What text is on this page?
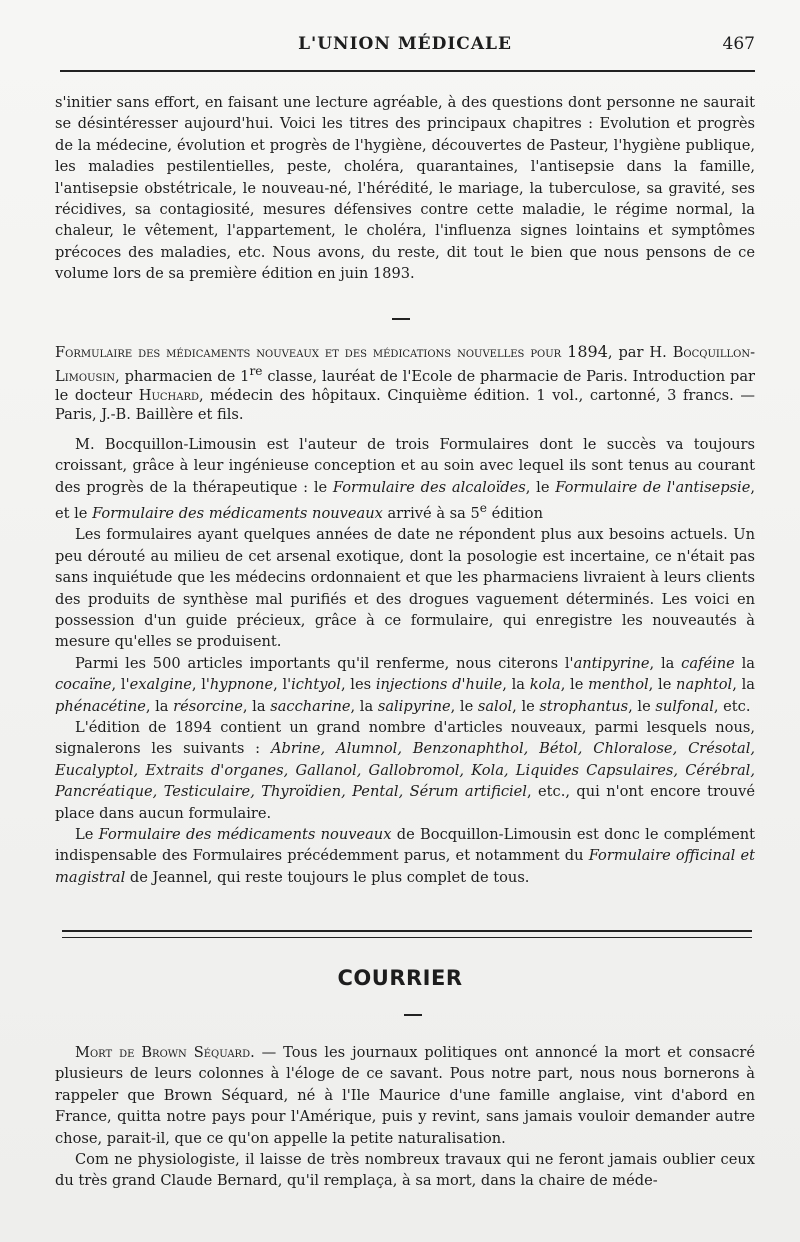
L'UNION MÉDICALE	467

s'initier sans effort, en faisant une lecture agréable, à des questions dont personne ne saurait se désintéresser aujourd'hui. Voici les titres des principaux chapitres : Evolution et progrès de la médecine, évolution et progrès de l'hygiène, découvertes de Pasteur, l'hygiène publique, les maladies pestilentielles, peste, choléra, quarantaines, l'antisepsie dans la famille, l'antisepsie obstétricale, le nouveau-né, l'hérédité, le mariage, la tuberculose, sa gravité, ses récidives, sa contagiosité, mesures défensives contre cette maladie, le régime normal, la chaleur, le vêtement, l'appartement, le choléra, l'influenza signes lointains et symptômes précoces des maladies, etc. Nous avons, du reste, dit tout le bien que nous pensons de ce volume lors de sa première édition en juin 1893.

Formulaire des médicaments nouveaux et des médications nouvelles pour 1894, par H. Bocquillon-Limousin, pharmacien de 1re classe, lauréat de l'Ecole de pharmacie de Paris. Introduction par le docteur Huchard, médecin des hôpitaux. Cinquième édition. 1 vol., cartonné, 3 francs. — Paris, J.-B. Baillère et fils.

M. Bocquillon-Limousin est l'auteur de trois Formulaires dont le succès va toujours croissant, grâce à leur ingénieuse conception et au soin avec lequel ils sont tenus au courant des progrès de la thérapeutique : le Formulaire des alcaloïdes, le Formulaire de l'antisepsie, et le Formulaire des médicaments nouveaux arrivé à sa 5e édition

Les formulaires ayant quelques années de date ne répondent plus aux besoins actuels. Un peu dérouté au milieu de cet arsenal exotique, dont la posologie est incertaine, ce n'était pas sans inquiétude que les médecins ordonnaient et que les pharmaciens livraient à leurs clients des produits de synthèse mal purifiés et des drogues vaguement déterminés. Les voici en possession d'un guide précieux, grâce à ce formulaire, qui enregistre les nouveautés à mesure qu'elles se produisent.

Parmi les 500 articles importants qu'il renferme, nous citerons l'antipyrine, la caféine la cocaïne, l'exalgine, l'hypnone, l'ichtyol, les injections d'huile, la kola, le menthol, le naphtol, la phénacétine, la résorcine, la saccharine, la salipyrine, le salol, le strophantus, le sulfonal, etc.

L'édition de 1894 contient un grand nombre d'articles nouveaux, parmi lesquels nous, signalerons les suivants : Abrine, Alumnol, Benzonaphthol, Bétol, Chloralose, Crésotal, Eucalyptol, Extraits d'organes, Gallanol, Gallobromol, Kola, Liquides Capsulaires, Cérébral, Pancréatique, Testiculaire, Thyroïdien, Pental, Sérum artificiel, etc., qui n'ont encore trouvé place dans aucun formulaire.

Le Formulaire des médicaments nouveaux de Bocquillon-Limousin est donc le complément indispensable des Formulaires précédemment parus, et notamment du Formulaire officinal et magistral de Jeannel, qui reste toujours le plus complet de tous.

COURRIER

Mort de Brown Séquard. — Tous les journaux politiques ont annoncé la mort et consacré plusieurs de leurs colonnes à l'éloge de ce savant. Pous notre part, nous nous bornerons à rappeler que Brown Séquard, né à l'Ile Maurice d'une famille anglaise, vint d'abord en France, quitta notre pays pour l'Amérique, puis y revint, sans jamais vouloir demander autre chose, parait-il, que ce qu'on appelle la petite naturalisation.

Com ne physiologiste, il laisse de très nombreux travaux qui ne feront jamais oublier ceux du très grand Claude Bernard, qu'il remplaça, à sa mort, dans la chaire de méde-
